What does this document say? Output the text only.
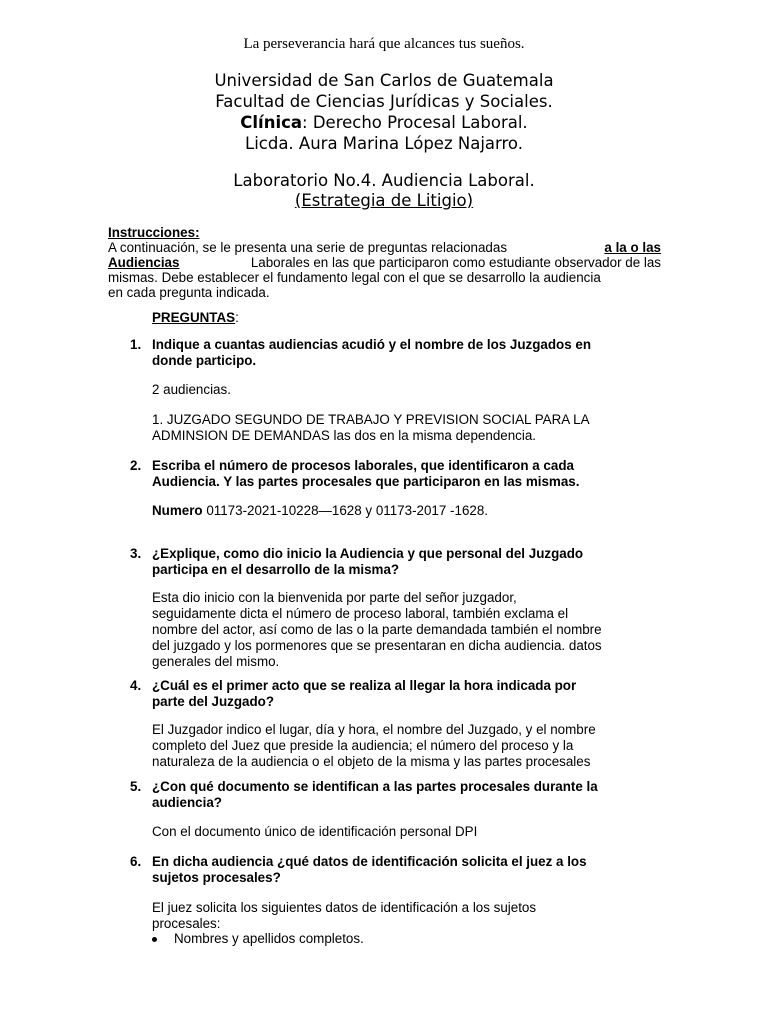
La perseverancia hará que alcances tus sueños.
Universidad de San Carlos de Guatemala
Facultad de Ciencias Jurídicas y Sociales.
Clínica: Derecho Procesal Laboral.
Licda. Aura Marina López Najarro.
Laboratorio No.4. Audiencia Laboral.
(Estrategia de Litigio)
Instrucciones:
A continuación, se le presenta una serie de preguntas relacionadas	a la o las
Audiencias	Laborales en las que participaron como estudiante observador de las
mismas. Debe establecer el fundamento legal con el que se desarrollo la audiencia
en cada pregunta indicada.
PREGUNTAS:
1. Indique a cuantas audiencias acudió y el nombre de los Juzgados en
donde participo.
2 audiencias.
1. JUZGADO SEGUNDO DE TRABAJO Y PREVISION SOCIAL PARA LA
ADMINSION DE DEMANDAS las dos en la misma dependencia.
2. Escriba el número de procesos laborales, que identificaron a cada
Audiencia. Y las partes procesales que participaron en las mismas.
Numero 01173-2021-10228—1628 y 01173-2017 -1628.
3. ¿Explique, como dio inicio la Audiencia y que personal del Juzgado
participa en el desarrollo de la misma?
Esta dio inicio con la bienvenida por parte del señor juzgador,
seguidamente dicta el número de proceso laboral, también exclama el
nombre del actor, así como de las o la parte demandada también el nombre
del juzgado y los pormenores que se presentaran en dicha audiencia. datos
generales del mismo.
4. ¿Cuál es el primer acto que se realiza al llegar la hora indicada por
parte del Juzgado?
El Juzgador indico el lugar, día y hora, el nombre del Juzgado, y el nombre
completo del Juez que preside la audiencia; el número del proceso y la
naturaleza de la audiencia o el objeto de la misma y las partes procesales
5. ¿Con qué documento se identifican a las partes procesales durante la
audiencia?
Con el documento único de identificación personal DPI
6. En dicha audiencia ¿qué datos de identificación solicita el juez a los
sujetos procesales?
El juez solicita los siguientes datos de identificación a los sujetos
procesales:
Nombres y apellidos completos.
